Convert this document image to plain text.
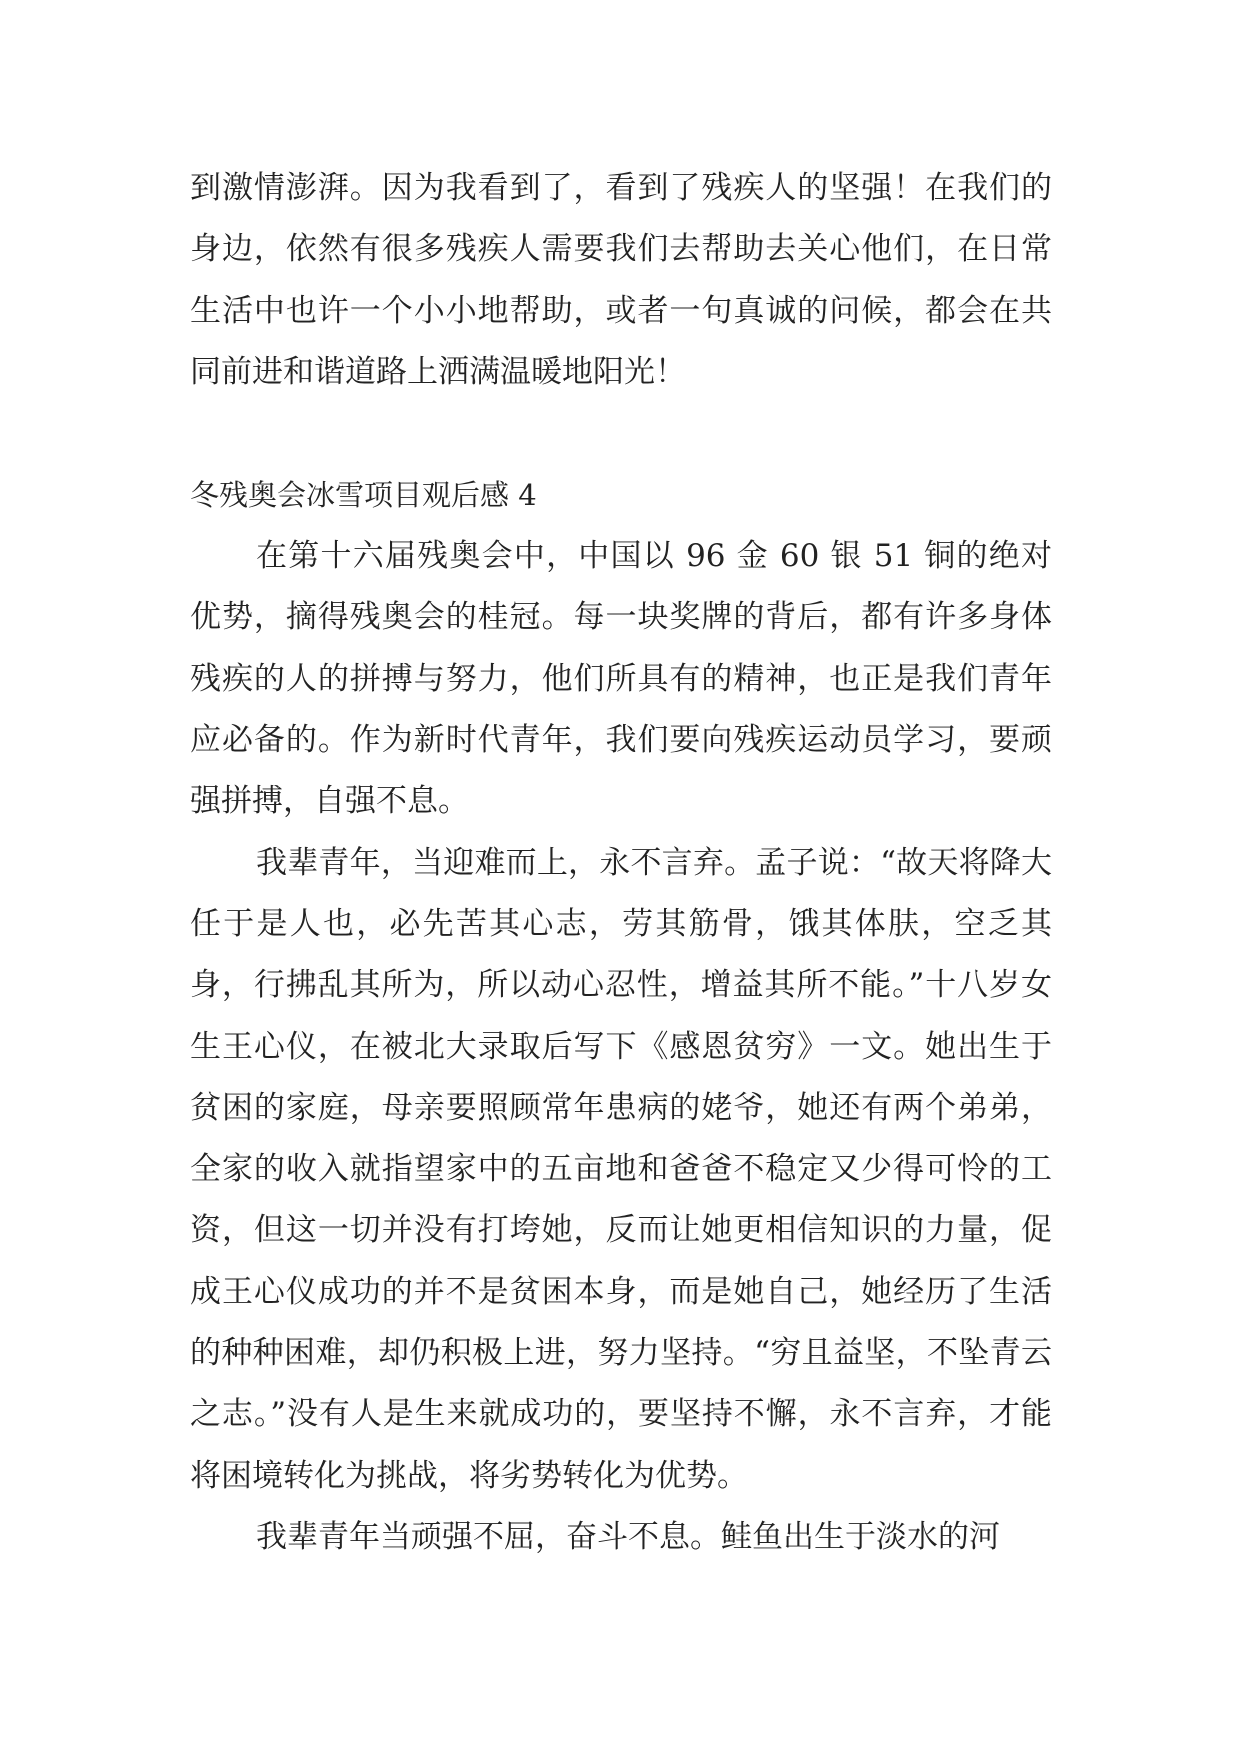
到激情澎湃。因为我看到了，看到了残疾人的坚强！在我们的身边，依然有很多残疾人需要我们去帮助去关心他们，在日常生活中也许一个小小地帮助，或者一句真诚的问候，都会在共同前进和谐道路上洒满温暖地阳光！

冬残奥会冰雪项目观后感 4

在第十六届残奥会中，中国以 96 金 60 银 51 铜的绝对优势，摘得残奥会的桂冠。每一块奖牌的背后，都有许多身体残疾的人的拼搏与努力，他们所具有的精神，也正是我们青年应必备的。作为新时代青年，我们要向残疾运动员学习，要顽强拼搏，自强不息。

我辈青年，当迎难而上，永不言弃。孟子说：“故天将降大任于是人也，必先苦其心志，劳其筋骨，饿其体肤，空乏其身，行拂乱其所为，所以动心忍性，增益其所不能。”十八岁女生王心仪，在被北大录取后写下《感恩贫穷》一文。她出生于贫困的家庭，母亲要照顾常年患病的姥爷，她还有两个弟弟，全家的收入就指望家中的五亩地和爸爸不稳定又少得可怜的工资，但这一切并没有打垮她，反而让她更相信知识的力量，促成王心仪成功的并不是贫困本身，而是她自己，她经历了生活的种种困难，却仍积极上进，努力坚持。“穷且益坚，不坠青云之志。”没有人是生来就成功的，要坚持不懈，永不言弃，才能将困境转化为挑战，将劣势转化为优势。

我辈青年当顽强不屈，奋斗不息。鲑鱼出生于淡水的河
